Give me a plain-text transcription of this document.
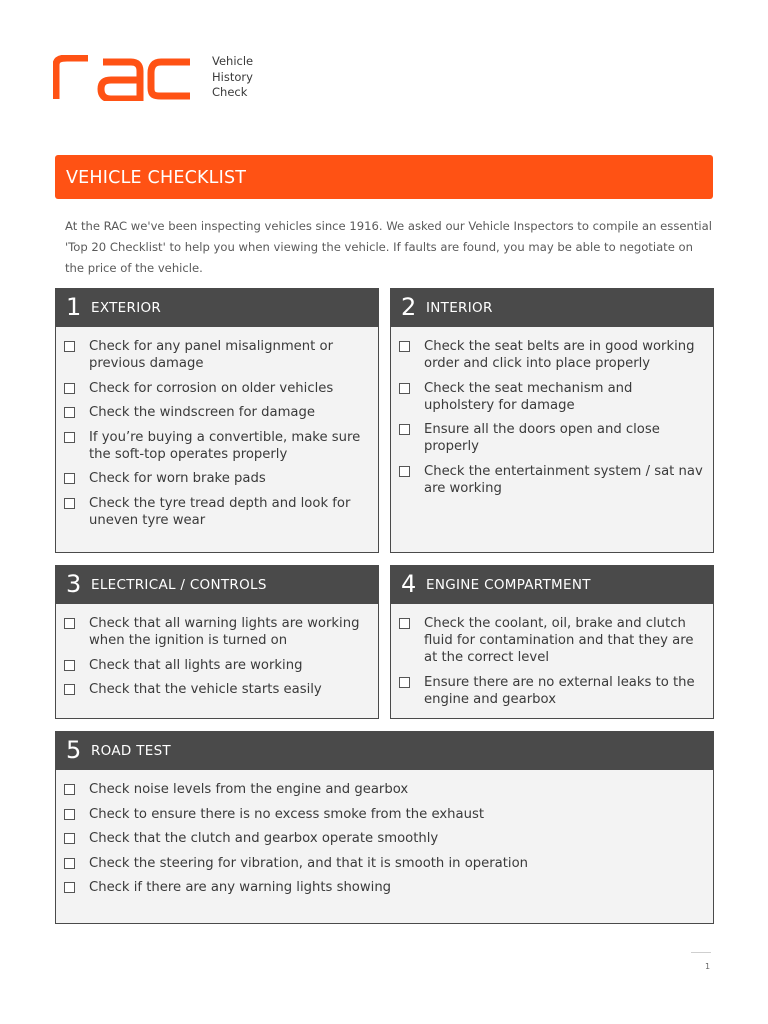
Vehicle
History
Check
VEHICLE CHECKLIST

At the RAC we've been inspecting vehicles since 1916. We asked our Vehicle Inspectors to compile an essential 'Top 20 Checklist' to help you when viewing the vehicle. If faults are found, you may be able to negotiate on the price of the vehicle.

1 EXTERIOR
Check for any panel misalignment or previous damage
Check for corrosion on older vehicles
Check the windscreen for damage
If you’re buying a convertible, make sure the soft-top operates properly
Check for worn brake pads
Check the tyre tread depth and look for uneven tyre wear
2 INTERIOR
Check the seat belts are in good working order and click into place properly
Check the seat mechanism and upholstery for damage
Ensure all the doors open and close properly
Check the entertainment system / sat nav are working
3 ELECTRICAL / CONTROLS
Check that all warning lights are working when the ignition is turned on
Check that all lights are working
Check that the vehicle starts easily
4 ENGINE COMPARTMENT
Check the coolant, oil, brake and clutch fluid for contamination and that they are at the correct level
Ensure there are no external leaks to the engine and gearbox
5 ROAD TEST
Check noise levels from the engine and gearbox
Check to ensure there is no excess smoke from the exhaust
Check that the clutch and gearbox operate smoothly
Check the steering for vibration, and that it is smooth in operation
Check if there are any warning lights showing
1
